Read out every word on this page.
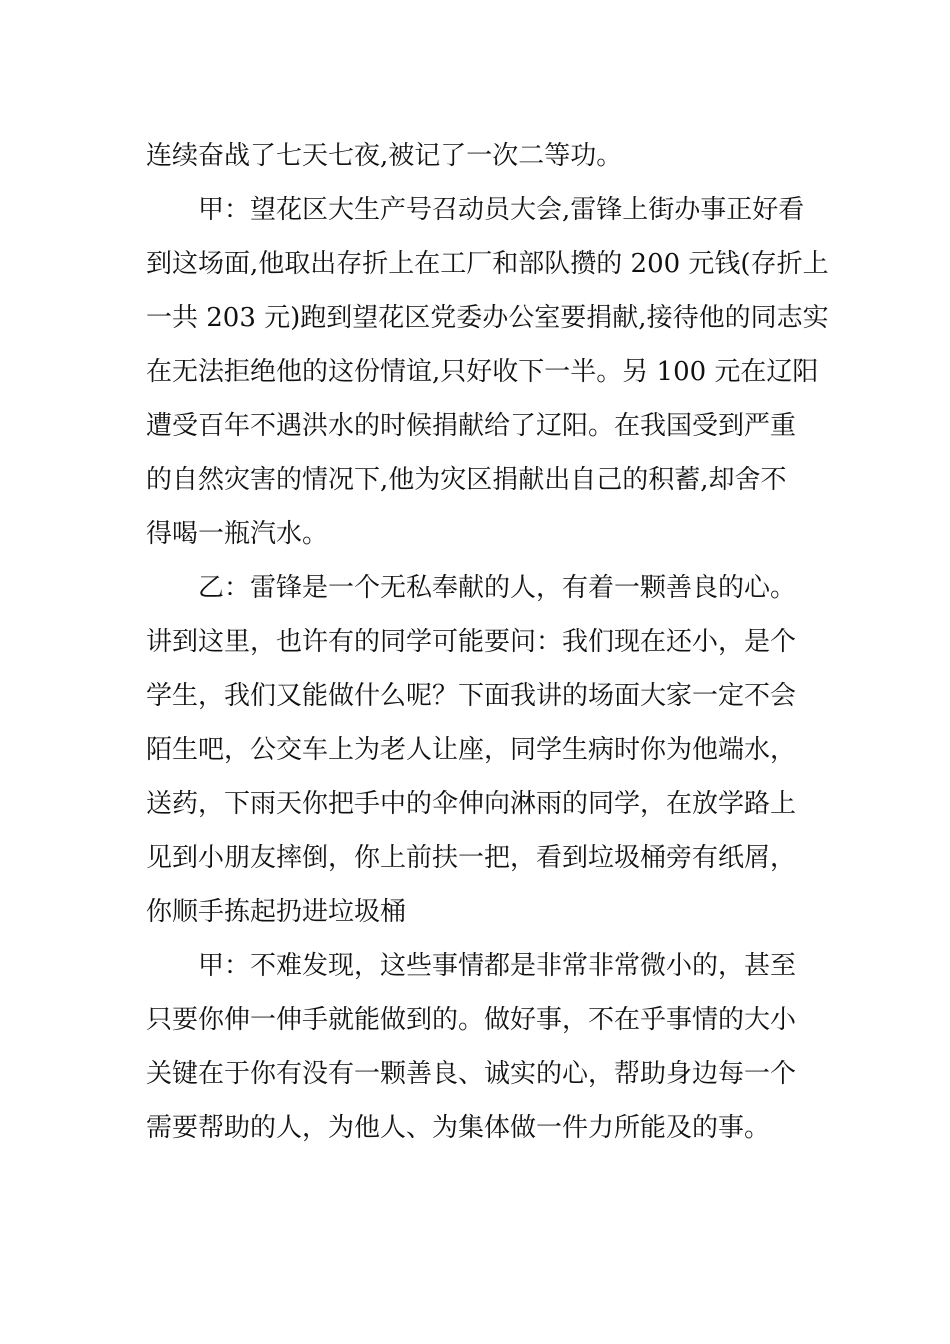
连续奋战了七天七夜,被记了一次二等功。
甲：望花区大生产号召动员大会,雷锋上街办事正好看
到这场面,他取出存折上在工厂和部队攒的 200 元钱(存折上
一共 203 元)跑到望花区党委办公室要捐献,接待他的同志实
在无法拒绝他的这份情谊,只好收下一半。另 100 元在辽阳
遭受百年不遇洪水的时候捐献给了辽阳。在我国受到严重
的自然灾害的情况下,他为灾区捐献出自己的积蓄,却舍不
得喝一瓶汽水。
乙：雷锋是一个无私奉献的人，有着一颗善良的心。
讲到这里，也许有的同学可能要问：我们现在还小，是个
学生，我们又能做什么呢？下面我讲的场面大家一定不会
陌生吧，公交车上为老人让座，同学生病时你为他端水，
送药，下雨天你把手中的伞伸向淋雨的同学，在放学路上
见到小朋友摔倒，你上前扶一把，看到垃圾桶旁有纸屑，
你顺手拣起扔进垃圾桶
甲：不难发现，这些事情都是非常非常微小的，甚至
只要你伸一伸手就能做到的。做好事，不在乎事情的大小
关键在于你有没有一颗善良、诚实的心，帮助身边每一个
需要帮助的人，为他人、为集体做一件力所能及的事。
